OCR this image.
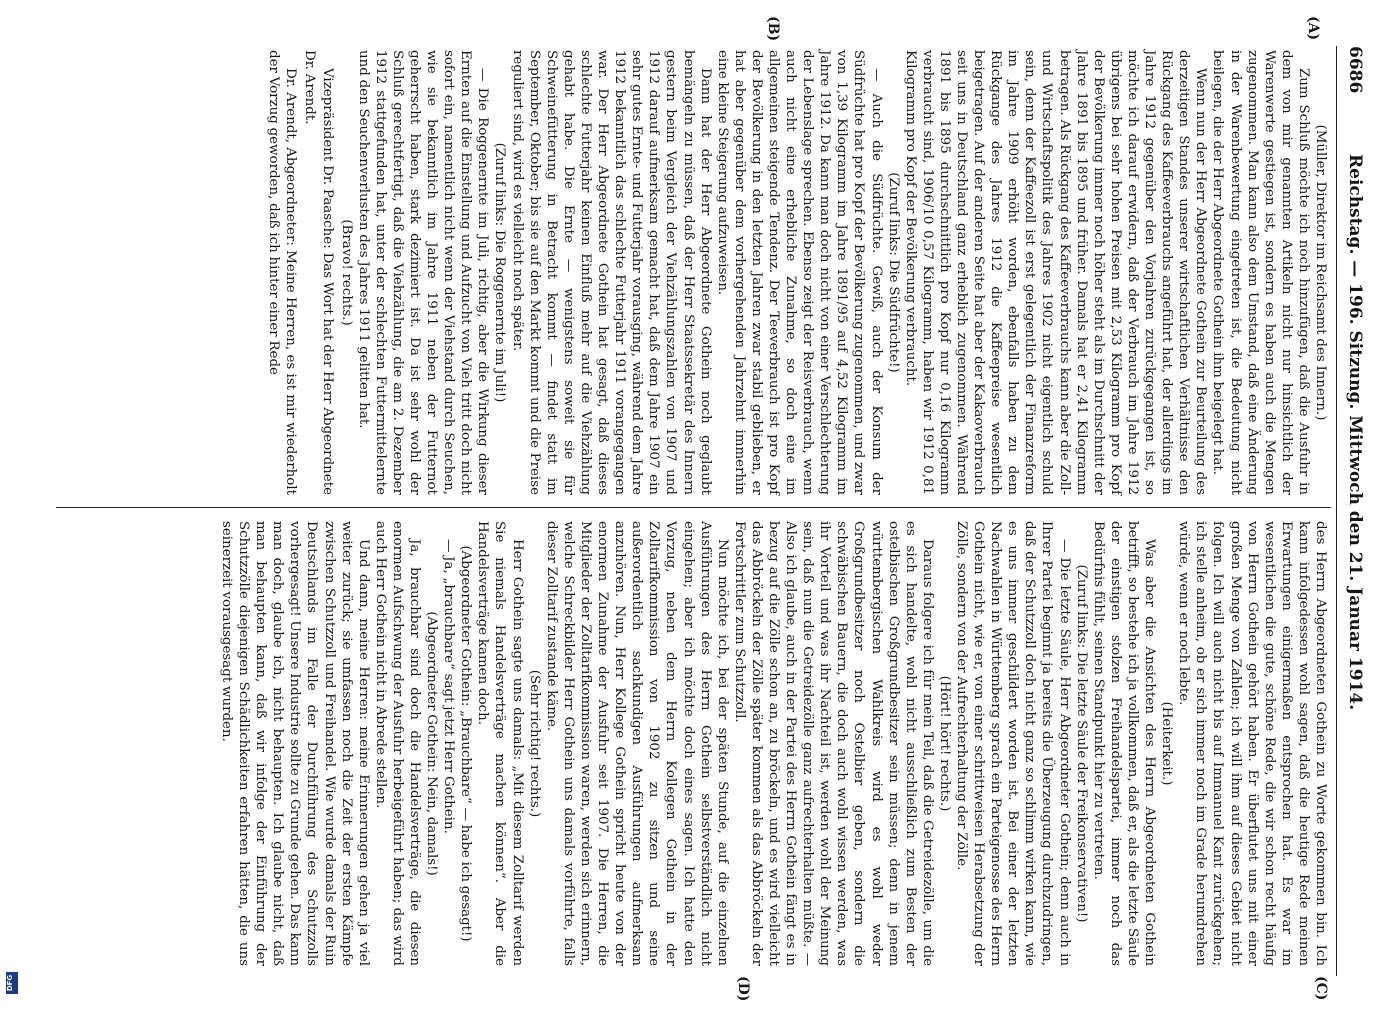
6686
Reichstag. — 196. Sitzung. Mittwoch den 21. Januar 1914.
(A)
(B)
(C)
(D)

(Müller, Direktor im Reichsamt des Innern.)

Zum Schluß möchte ich noch hinzufügen, daß die Ausfuhr in dem von mir genannten Artikeln nicht nur hinsichtlich der Warenwerte gestiegen ist, sondern es haben auch die Mengen zugenommen. Man kann also dem Umstand, daß eine Änderung in der Warenbewertung eingetreten ist, die Bedeutung nicht beilegen, die der Herr Abgeordnete Gothein ihm beigelegt hat.

Wenn nun der Herr Abgeordnete Gothein zur Beurteilung des derzeitigen Standes unserer wirtschaftlichen Verhältnisse den Rückgang des Kaffeeverbrauchs angeführt hat, der allerdings im Jahre 1912 gegenüber den Vorjahren zurückgegangen ist, so möchte ich darauf erwidern, daß der Verbrauch im Jahre 1912 übrigens bei sehr hohen Preisen mit 2,53 Kilogramm pro Kopf der Bevölkerung immer noch höher steht als im Durchschnitt der Jahre 1891 bis 1895 und früher. Damals hat er 2,41 Kilogramm betragen. Als Rückgang des Kaffeeverbrauchs kann aber die Zoll- und Wirtschaftspolitik des Jahres 1902 nicht eigentlich schuld sein, denn der Kaffeezoll ist erst gelegentlich der Finanzreform im Jahre 1909 erhöht worden, ebenfalls haben zu dem Rückgange des Jahres 1912 die Kaffeepreise wesentlich beigetragen. Auf der anderen Seite hat aber der Kakaoverbrauch seit uns in Deutschland ganz erheblich zugenommen. Während 1891 bis 1895 durchschnittlich pro Kopf nur 0,16 Kilogramm verbraucht sind, 1906/10 0,57 Kilogramm, haben wir 1912 0,81 Kilogramm pro Kopf der Bevölkerung verbraucht.

(Zuruf links: Die Südfrüchte!)

— Auch die Südfrüchte. Gewiß, auch der Konsum der Südfrüchte hat pro Kopf der Bevölkerung zugenommen, und zwar von 1,39 Kilogramm im Jahre 1891/95 auf 4,52 Kilogramm im Jahre 1912. Da kann man doch nicht von einer Verschlechterung der Lebenslage sprechen. Ebenso zeigt der Reisverbrauch, wenn auch nicht eine erhebliche Zunahme, so doch eine im allgemeinen steigende Tendenz. Der Teeverbrauch ist pro Kopf der Bevölkerung in den letzten Jahren zwar stabil geblieben, er hat aber gegenüber dem vorhergehenden Jahrzehnt immerhin eine kleine Steigerung aufzuweisen.

Dann hat der Herr Abgeordnete Gothein noch geglaubt bemängeln zu müssen, daß der Herr Staatssekretär des Innern gestern beim Vergleich der Viehzählungszahlen von 1907 und 1912 darauf aufmerksam gemacht hat, daß dem Jahre 1907 ein sehr gutes Ernte- und Futterjahr vorausging, während dem Jahre 1912 bekanntlich das schlechte Futterjahr 1911 vorangegangen war. Der Herr Abgeordnete Gothein hat gesagt, daß dieses schlechte Futterjahr keinen Einfluß mehr auf die Viehzählung gehabt habe. Die Ernte — wenigstens soweit sie für Schweinefütterung in Betracht kommt — findet statt im September, Oktober; bis sie auf den Markt kommt und die Preise reguliert sind, wird es vielleicht noch später.

(Zuruf links: Die Roggenernte im Juli!)

— Die Roggenernte im Juli, richtig, aber die Wirkung dieser Ernten auf die Einstellung und Aufzucht von Vieh tritt doch nicht sofort ein, namentlich nicht wenn der Viehstand durch Seuchen, wie sie bekanntlich im Jahre 1911 neben der Futternot geherrscht haben, stark dezimiert ist. Da ist sehr wohl der Schluß gerechtfertigt, daß die Viehzählung, die am 2. Dezember 1912 stattgefunden hat, unter der schlechten Futtermittelernte und den Seuchenverlusten des Jahres 1911 gelitten hat.

(Bravo! rechts.)

Vizepräsident Dr. Paasche: Das Wort hat der Herr Abgeordnete Dr. Arendt.

Dr. Arendt, Abgeordneter: Meine Herren, es ist mir wiederholt der Vorzug geworden, daß ich hinter einer Rede

des Herrn Abgeordneten Gothein zu Worte gekommen bin. Ich kann infolgedessen wohl sagen, daß die heutige Rede meinen Erwartungen einigermaßen entsprochen hat. Es war im wesentlichen die gute, schöne Rede, die wir schon recht häufig von Herrn Gothein gehört haben. Er überflutet uns mit einer großen Menge von Zahlen; ich will ihm auf dieses Gebiet nicht folgen. Ich will auch nicht bis auf Immanuel Kant zurückgehen; ich stelle anheim, ob er sich immer noch im Grade herumdrehen würde, wenn er noch lebte.

(Heiterkeit.)

Was aber die Ansichten des Herrn Abgeordneten Gothein betrifft, so bestehe ich ja vollkommen, daß er, als die letzte Säule der einstigen stolzen Freihandelspartei, immer noch das Bedürfnis fühlt, seinen Standpunkt hier zu vertreten.

(Zuruf links: Die letzte Säule der Freikonservativen!)

— Die letzte Säule, Herr Abgeordneter Gothein; denn auch in Ihrer Partei beginnt ja bereits die Überzeugung durchzudringen, daß der Schutzzoll doch nicht ganz so schlimm wirken kann, wie es uns immer geschildert worden ist. Bei einer der letzten Nachwahlen in Württemberg sprach ein Parteigenosse des Herrn Gothein nicht, wie er, von einer schrittweisen Herabsetzung der Zölle, sondern von der Aufrechterhaltung der Zölle.

(Hört! hört! rechts.)

Daraus folgere ich für mein Teil, daß die Getreidezölle, um die es sich handelte, wohl nicht ausschließlich zum Besten der ostelbischen Großgrundbesitzer sein müssen; denn in jenem württembergischen Wahlkreis wird es wohl weder Großgrundbesitzer noch Ostelbier geben, sondern die schwäbischen Bauern, die doch auch wohl wissen werden, was ihr Vorteil und was ihr Nachteil ist, werden wohl der Meinung sein, daß nun die Getreidezölle ganz aufrechterhalten müßte. — Also ich glaube, auch in der Partei des Herrn Gothein fängt es in bezug auf die Zölle schon an, zu bröckeln, und es wird vielleicht das Abbröckeln der Zölle später kommen als das Abbröckeln der Fortschrittler zum Schutzzoll.

Nun möchte ich, bei der späten Stunde, auf die einzelnen Ausführungen des Herrn Gothein selbstverständlich nicht eingehen; aber ich möchte doch eines sagen. Ich hatte den Vorzug, neben dem Herrn Kollegen Gothein in der Zolltarifkommission von 1902 zu sitzen und seine außerordentlich sachkundigen Ausführungen aufmerksam anzuhören. Nun, Herr Kollege Gothein spricht heute von der enormen Zunahme der Ausfuhr seit 1907. Die Herren, die Mitglieder der Zolltarifkommission waren, werden sich erinnern, welche Schreckbilder Herr Gothein uns damals vorführte, falls dieser Zolltarif zustande käme.

(Sehr richtig! rechts.)

Herr Gothein sagte uns damals: „Mit diesem Zolltarif werden Sie niemals Handelsverträge machen können“. Aber die Handelsverträge kamen doch.

(Abgeordneter Gothein: „Brauchbare“ — habe ich gesagt!)

— Ja, „brauchbare“ sagt jetzt Herr Gothein.

(Abgeordneter Gothein: Nein, damals!)

Ja, brauchbar sind doch die Handelsverträge, die diesen enormen Aufschwung der Ausfuhr herbeigeführt haben; das wird auch Herr Gothein nicht in Abrede stellen.

Und dann, meine Herren: meine Erinnerungen gehen ja viel weiter zurück; sie umfassen noch die Zeit der ersten Kämpfe zwischen Schutzzoll und Freihandel. Wie wurde damals der Ruin Deutschlands im Falle der Durchführung des Schutzzolls vorhergesagt! Unsere Industrie sollte zu Grunde gehen. Das kann man doch, glaube ich, nicht behaupten. Ich glaube nicht, daß man behaupten kann, daß wir infolge der Einführung der Schutzzölle diejenigen Schädlichkeiten erfahren hätten, die uns seinerzeit vorausgesagt wurden.

DFG
